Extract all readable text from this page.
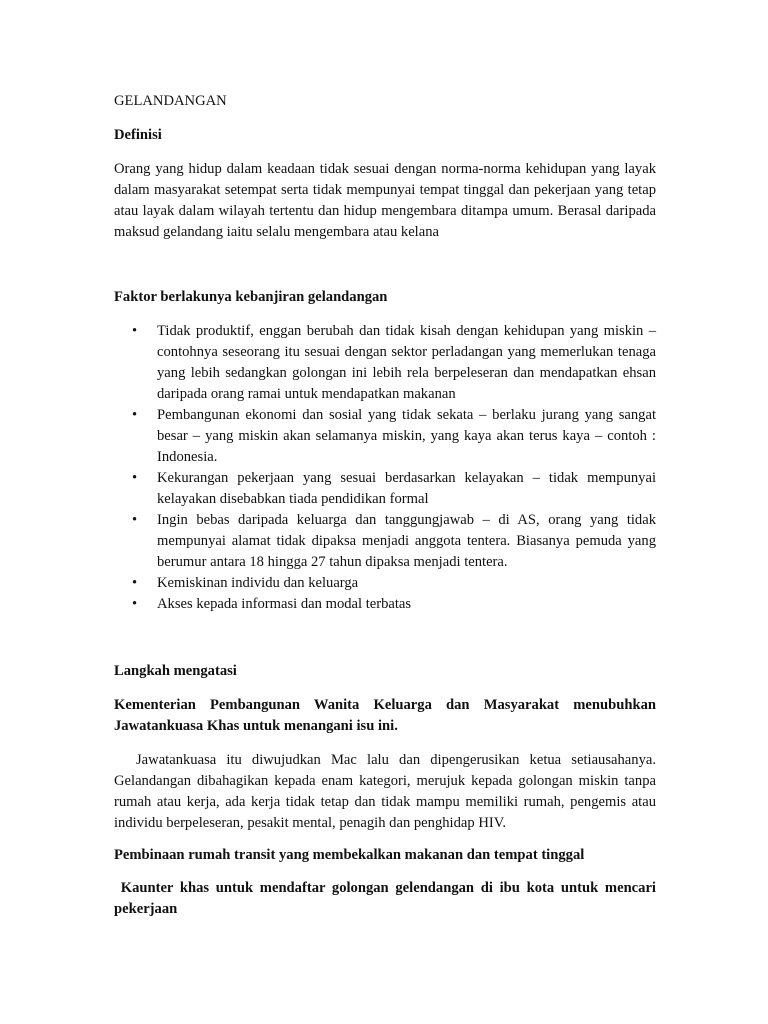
GELANDANGAN

Definisi

Orang yang hidup dalam keadaan tidak sesuai dengan norma-norma kehidupan yang layak dalam masyarakat setempat serta tidak mempunyai tempat tinggal dan pekerjaan yang tetap atau layak dalam wilayah tertentu dan hidup mengembara ditampa umum. Berasal daripada maksud gelandang iaitu selalu mengembara atau kelana

Faktor berlakunya kebanjiran gelandangan

•	Tidak produktif, enggan berubah dan tidak kisah dengan kehidupan yang miskin – contohnya seseorang itu sesuai dengan sektor perladangan yang memerlukan tenaga yang lebih sedangkan golongan ini lebih rela berpeleseran dan mendapatkan ehsan daripada orang ramai untuk mendapatkan makanan
•	Pembangunan ekonomi dan sosial yang tidak sekata – berlaku jurang yang sangat besar – yang miskin akan selamanya miskin, yang kaya akan terus kaya – contoh : Indonesia.
•	Kekurangan pekerjaan yang sesuai berdasarkan kelayakan – tidak mempunyai kelayakan disebabkan tiada pendidikan formal
•	Ingin bebas daripada keluarga dan tanggungjawab – di AS, orang yang tidak mempunyai alamat tidak dipaksa menjadi anggota tentera. Biasanya pemuda yang berumur antara 18 hingga 27 tahun dipaksa menjadi tentera.
•	Kemiskinan individu dan keluarga
•	Akses kepada informasi dan modal terbatas

Langkah mengatasi

Kementerian Pembangunan Wanita Keluarga dan Masyarakat menubuhkan Jawatankuasa Khas untuk menangani isu ini.

Jawatankuasa itu diwujudkan Mac lalu dan dipengerusikan ketua setiausahanya. Gelandangan dibahagikan kepada enam kategori, merujuk kepada golongan miskin tanpa rumah atau kerja, ada kerja tidak tetap dan tidak mampu memiliki rumah, pengemis atau individu berpeleseran, pesakit mental, penagih dan penghidap HIV.

Pembinaan rumah transit yang membekalkan makanan dan tempat tinggal

Kaunter khas untuk mendaftar golongan gelendangan di ibu kota untuk mencari pekerjaan
